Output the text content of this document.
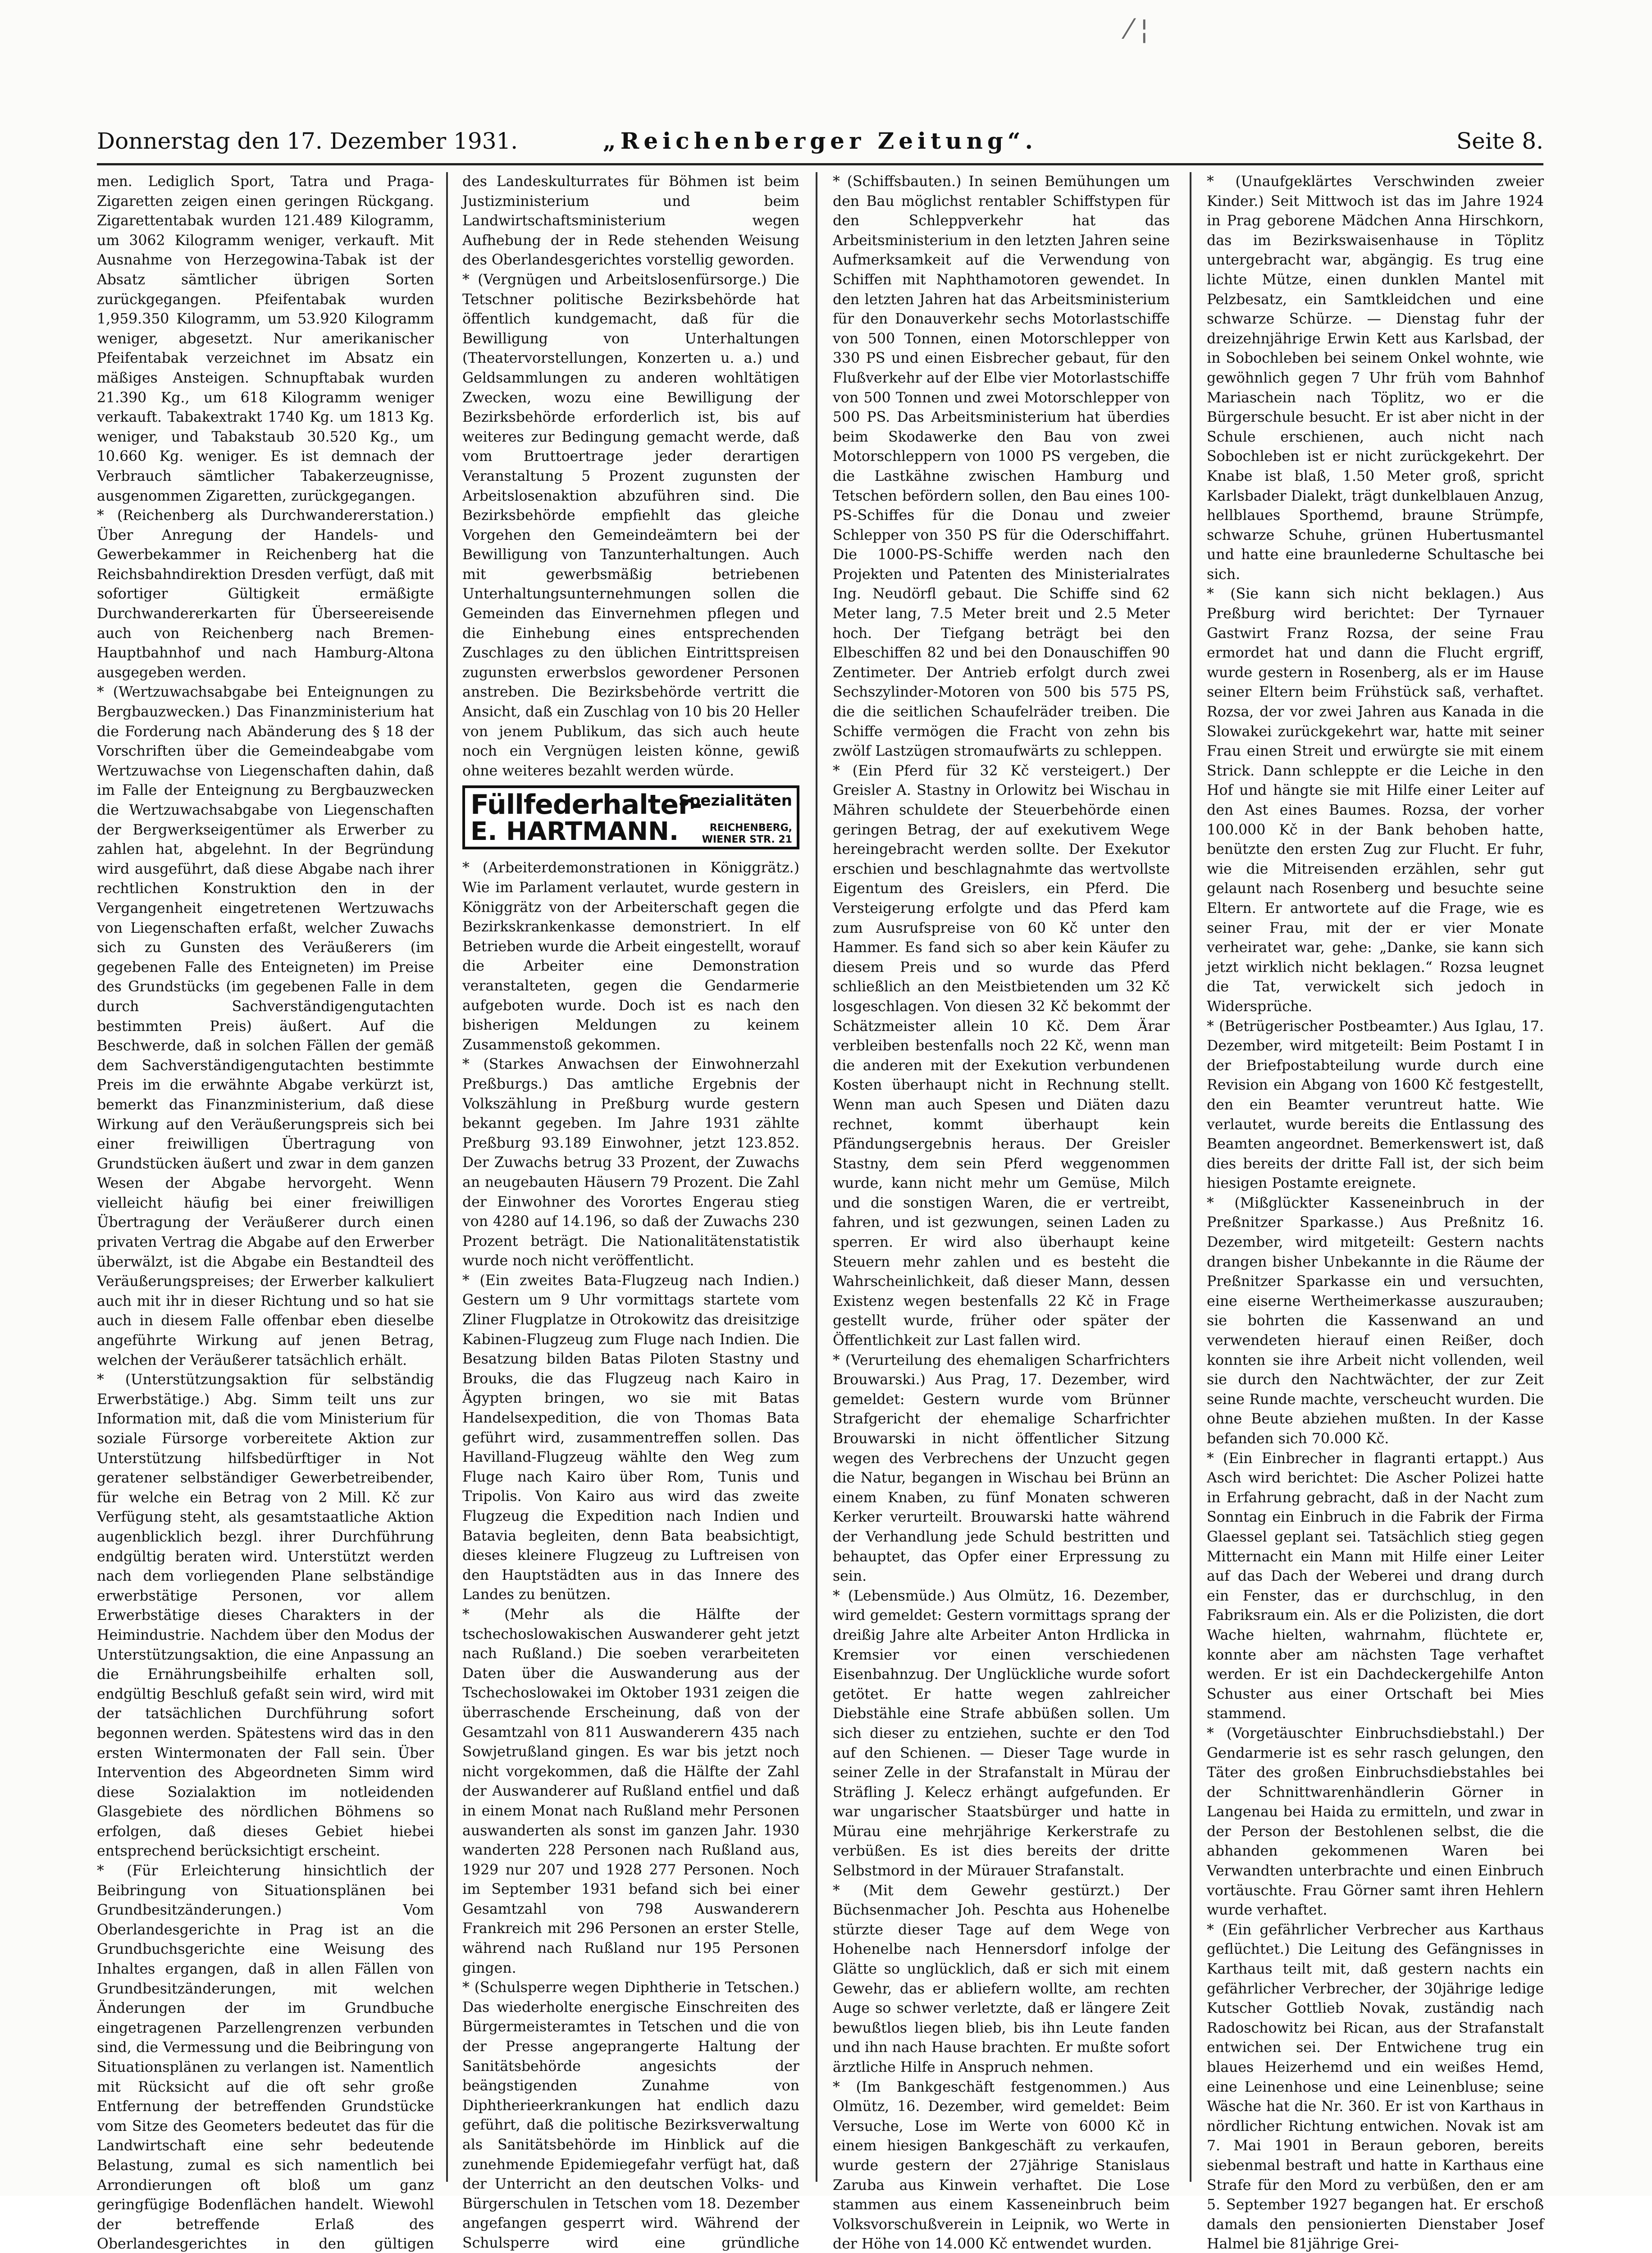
⁄ ¦
Donnerstag den 17. Dezember 1931.	„Reichenberger Zeitung“.	Seite 8.

men. Lediglich Sport, Tatra und Praga-Zigaretten zeigen einen geringen Rückgang. Zigarettentabak wurden 121.489 Kilogramm, um 3062 Kilogramm weniger, verkauft. Mit Ausnahme von Herzegowina-Tabak ist der Absatz sämtlicher übrigen Sorten zurückgegangen. Pfeifentabak wurden 1,959.350 Kilogramm, um 53.920 Kilogramm weniger, abgesetzt. Nur amerikanischer Pfeifentabak verzeichnet im Absatz ein mäßiges Ansteigen. Schnupftabak wurden 21.390 Kg., um 618 Kilogramm weniger verkauft. Tabakextrakt 1740 Kg. um 1813 Kg. weniger, und Tabakstaub 30.520 Kg., um 10.660 Kg. weniger. Es ist demnach der Verbrauch sämtlicher Tabakerzeugnisse, ausgenommen Zigaretten, zurückgegangen.

* (Reichenberg als Durchwandererstation.) Über Anregung der Handels- und Gewerbekammer in Reichenberg hat die Reichsbahndirektion Dresden verfügt, daß mit sofortiger Gültigkeit ermäßigte Durchwandererkarten für Überseereisende auch von Reichenberg nach Bremen-Hauptbahnhof und nach Hamburg-Altona ausgegeben werden.

* (Wertzuwachsabgabe bei Enteignungen zu Bergbauzwecken.) Das Finanzministerium hat die Forderung nach Abänderung des § 18 der Vorschriften über die Gemeindeabgabe vom Wertzuwachse von Liegenschaften dahin, daß im Falle der Enteignung zu Bergbauzwecken die Wertzuwachsabgabe von Liegenschaften der Bergwerkseigentümer als Erwerber zu zahlen hat, abgelehnt. In der Begründung wird ausgeführt, daß diese Abgabe nach ihrer rechtlichen Konstruktion den in der Vergangenheit eingetretenen Wertzuwachs von Liegenschaften erfaßt, welcher Zuwachs sich zu Gunsten des Veräußerers (im gegebenen Falle des Enteigneten) im Preise des Grundstücks (im gegebenen Falle in dem durch Sachverständigengutachten bestimmten Preis) äußert. Auf die Beschwerde, daß in solchen Fällen der gemäß dem Sachverständigengutachten bestimmte Preis im die erwähnte Abgabe verkürzt ist, bemerkt das Finanzministerium, daß diese Wirkung auf den Veräußerungspreis sich bei einer freiwilligen Übertragung von Grundstücken äußert und zwar in dem ganzen Wesen der Abgabe hervorgeht. Wenn vielleicht häufig bei einer freiwilligen Übertragung der Veräußerer durch einen privaten Vertrag die Abgabe auf den Erwerber überwälzt, ist die Abgabe ein Bestandteil des Veräußerungspreises; der Erwerber kalkuliert auch mit ihr in dieser Richtung und so hat sie auch in diesem Falle offenbar eben dieselbe angeführte Wirkung auf jenen Betrag, welchen der Veräußerer tatsächlich erhält.

* (Unterstützungsaktion für selbständig Erwerbstätige.) Abg. Simm teilt uns zur Information mit, daß die vom Ministerium für soziale Fürsorge vorbereitete Aktion zur Unterstützung hilfsbedürftiger in Not geratener selbständiger Gewerbetreibender, für welche ein Betrag von 2 Mill. Kč zur Verfügung steht, als gesamtstaatliche Aktion augenblicklich bezgl. ihrer Durchführung endgültig beraten wird. Unterstützt werden nach dem vorliegenden Plane selbständige erwerbstätige Personen, vor allem Erwerbstätige dieses Charakters in der Heimindustrie. Nachdem über den Modus der Unterstützungsaktion, die eine Anpassung an die Ernährungsbeihilfe erhalten soll, endgültig Beschluß gefaßt sein wird, wird mit der tatsächlichen Durchführung sofort begonnen werden. Spätestens wird das in den ersten Wintermonaten der Fall sein. Über Intervention des Abgeordneten Simm wird diese Sozialaktion im notleidenden Glasgebiete des nördlichen Böhmens so erfolgen, daß dieses Gebiet hiebei entsprechend berücksichtigt erscheint.

* (Für Erleichterung hinsichtlich der Beibringung von Situationsplänen bei Grundbesitzänderungen.) Vom Oberlandesgerichte in Prag ist an die Grundbuchsgerichte eine Weisung des Inhaltes ergangen, daß in allen Fällen von Grundbesitzänderungen, mit welchen Änderungen der im Grundbuche eingetragenen Parzellengrenzen verbunden sind, die Vermessung und die Beibringung von Situationsplänen zu verlangen ist. Namentlich mit Rücksicht auf die oft sehr große Entfernung der betreffenden Grundstücke vom Sitze des Geometers bedeutet das für die Landwirtschaft eine sehr bedeutende Belastung, zumal es sich namentlich bei Arrondierungen oft bloß um ganz geringfügige Bodenflächen handelt. Wiewohl der betreffende Erlaß des Oberlandesgerichtes in den gültigen

des Landeskulturrates für Böhmen ist beim Justizministerium und beim Landwirtschaftsministerium wegen Aufhebung der in Rede stehenden Weisung des Oberlandesgerichtes vorstellig geworden.

* (Vergnügen und Arbeitslosenfürsorge.) Die Tetschner politische Bezirksbehörde hat öffentlich kundgemacht, daß für die Bewilligung von Unterhaltungen (Theatervorstellungen, Konzerten u. a.) und Geldsammlungen zu anderen wohltätigen Zwecken, wozu eine Bewilligung der Bezirksbehörde erforderlich ist, bis auf weiteres zur Bedingung gemacht werde, daß vom Bruttoertrage jeder derartigen Veranstaltung 5 Prozent zugunsten der Arbeitslosenaktion abzuführen sind. Die Bezirksbehörde empfiehlt das gleiche Vorgehen den Gemeindeämtern bei der Bewilligung von Tanzunterhaltungen. Auch mit gewerbsmäßig betriebenen Unterhaltungsunternehmungen sollen die Gemeinden das Einvernehmen pflegen und die Einhebung eines entsprechenden Zuschlages zu den üblichen Eintrittspreisen zugunsten erwerbslos gewordener Personen anstreben. Die Bezirksbehörde vertritt die Ansicht, daß ein Zuschlag von 10 bis 20 Heller von jenem Publikum, das sich auch heute noch ein Vergnügen leisten könne, gewiß ohne weiteres bezahlt werden würde.

Füllfederhalter-
E. HARTMANN.
Spezialitäten
REICHENBERG,
WIENER STR. 21

* (Arbeiterdemonstrationen in Königgrätz.) Wie im Parlament verlautet, wurde gestern in Königgrätz von der Arbeiterschaft gegen die Bezirkskrankenkasse demonstriert. In elf Betrieben wurde die Arbeit eingestellt, worauf die Arbeiter eine Demonstration veranstalteten, gegen die Gendarmerie aufgeboten wurde. Doch ist es nach den bisherigen Meldungen zu keinem Zusammenstoß gekommen.

* (Starkes Anwachsen der Einwohnerzahl Preßburgs.) Das amtliche Ergebnis der Volkszählung in Preßburg wurde gestern bekannt gegeben. Im Jahre 1931 zählte Preßburg 93.189 Einwohner, jetzt 123.852. Der Zuwachs betrug 33 Prozent, der Zuwachs an neugebauten Häusern 79 Prozent. Die Zahl der Einwohner des Vorortes Engerau stieg von 4280 auf 14.196, so daß der Zuwachs 230 Prozent beträgt. Die Nationalitätenstatistik wurde noch nicht veröffentlicht.

* (Ein zweites Bata-Flugzeug nach Indien.) Gestern um 9 Uhr vormittags startete vom Zliner Flugplatze in Otrokowitz das dreisitzige Kabinen-Flugzeug zum Fluge nach Indien. Die Besatzung bilden Batas Piloten Stastny und Brouks, die das Flugzeug nach Kairo in Ägypten bringen, wo sie mit Batas Handelsexpedition, die von Thomas Bata geführt wird, zusammentreffen sollen. Das Havilland-Flugzeug wählte den Weg zum Fluge nach Kairo über Rom, Tunis und Tripolis. Von Kairo aus wird das zweite Flugzeug die Expedition nach Indien und Batavia begleiten, denn Bata beabsichtigt, dieses kleinere Flugzeug zu Luftreisen von den Hauptstädten aus in das Innere des Landes zu benützen.

* (Mehr als die Hälfte der tschechoslowakischen Auswanderer geht jetzt nach Rußland.) Die soeben verarbeiteten Daten über die Auswanderung aus der Tschechoslowakei im Oktober 1931 zeigen die überraschende Erscheinung, daß von der Gesamtzahl von 811 Auswanderern 435 nach Sowjetrußland gingen. Es war bis jetzt noch nicht vorgekommen, daß die Hälfte der Zahl der Auswanderer auf Rußland entfiel und daß in einem Monat nach Rußland mehr Personen auswanderten als sonst im ganzen Jahr. 1930 wanderten 228 Personen nach Rußland aus, 1929 nur 207 und 1928 277 Personen. Noch im September 1931 befand sich bei einer Gesamtzahl von 798 Auswanderern Frankreich mit 296 Personen an erster Stelle, während nach Rußland nur 195 Personen gingen.

* (Schulsperre wegen Diphtherie in Tetschen.) Das wiederholte energische Einschreiten des Bürgermeisteramtes in Tetschen und die von der Presse angeprangerte Haltung der Sanitätsbehörde angesichts der beängstigenden Zunahme von Diphtherieerkrankungen hat endlich dazu geführt, daß die politische Bezirksverwaltung als Sanitätsbehörde im Hinblick auf die zunehmende Epidemiegefahr verfügt hat, daß der Unterricht an den deutschen Volks- und Bürgerschulen in Tetschen vom 18. Dezember angefangen gesperrt wird. Während der Schulsperre wird eine gründliche

* (Schiffsbauten.) In seinen Bemühungen um den Bau möglichst rentabler Schiffstypen für den Schleppverkehr hat das Arbeitsministerium in den letzten Jahren seine Aufmerksamkeit auf die Verwendung von Schiffen mit Naphthamotoren gewendet. In den letzten Jahren hat das Arbeitsministerium für den Donauverkehr sechs Motorlastschiffe von 500 Tonnen, einen Motorschlepper von 330 PS und einen Eisbrecher gebaut, für den Flußverkehr auf der Elbe vier Motorlastschiffe von 500 Tonnen und zwei Motorschlepper von 500 PS. Das Arbeitsministerium hat überdies beim Skodawerke den Bau von zwei Motorschleppern von 1000 PS vergeben, die die Lastkähne zwischen Hamburg und Tetschen befördern sollen, den Bau eines 100-PS-Schiffes für die Donau und zweier Schlepper von 350 PS für die Oderschiffahrt. Die 1000-PS-Schiffe werden nach den Projekten und Patenten des Ministerialrates Ing. Neudörfl gebaut. Die Schiffe sind 62 Meter lang, 7.5 Meter breit und 2.5 Meter hoch. Der Tiefgang beträgt bei den Elbeschiffen 82 und bei den Donauschiffen 90 Zentimeter. Der Antrieb erfolgt durch zwei Sechszylinder-Motoren von 500 bis 575 PS, die die seitlichen Schaufelräder treiben. Die Schiffe vermögen die Fracht von zehn bis zwölf Lastzügen stromaufwärts zu schleppen.

* (Ein Pferd für 32 Kč versteigert.) Der Greisler A. Stastny in Orlowitz bei Wischau in Mähren schuldete der Steuerbehörde einen geringen Betrag, der auf exekutivem Wege hereingebracht werden sollte. Der Exekutor erschien und beschlagnahmte das wertvollste Eigentum des Greislers, ein Pferd. Die Versteigerung erfolgte und das Pferd kam zum Ausrufspreise von 60 Kč unter den Hammer. Es fand sich so aber kein Käufer zu diesem Preis und so wurde das Pferd schließlich an den Meistbietenden um 32 Kč losgeschlagen. Von diesen 32 Kč bekommt der Schätzmeister allein 10 Kč. Dem Ärar verbleiben bestenfalls noch 22 Kč, wenn man die anderen mit der Exekution verbundenen Kosten überhaupt nicht in Rechnung stellt. Wenn man auch Spesen und Diäten dazu rechnet, kommt überhaupt kein Pfändungsergebnis heraus. Der Greisler Stastny, dem sein Pferd weggenommen wurde, kann nicht mehr um Gemüse, Milch und die sonstigen Waren, die er vertreibt, fahren, und ist gezwungen, seinen Laden zu sperren. Er wird also überhaupt keine Steuern mehr zahlen und es besteht die Wahrscheinlichkeit, daß dieser Mann, dessen Existenz wegen bestenfalls 22 Kč in Frage gestellt wurde, früher oder später der Öffentlichkeit zur Last fallen wird.

* (Verurteilung des ehemaligen Scharfrichters Brouwarski.) Aus Prag, 17. Dezember, wird gemeldet: Gestern wurde vom Brünner Strafgericht der ehemalige Scharfrichter Brouwarski in nicht öffentlicher Sitzung wegen des Verbrechens der Unzucht gegen die Natur, begangen in Wischau bei Brünn an einem Knaben, zu fünf Monaten schweren Kerker verurteilt. Brouwarski hatte während der Verhandlung jede Schuld bestritten und behauptet, das Opfer einer Erpressung zu sein.

* (Lebensmüde.) Aus Olmütz, 16. Dezember, wird gemeldet: Gestern vormittags sprang der dreißig Jahre alte Arbeiter Anton Hrdlicka in Kremsier vor einen verschiedenen Eisenbahnzug. Der Unglückliche wurde sofort getötet. Er hatte wegen zahlreicher Diebstähle eine Strafe abbüßen sollen. Um sich dieser zu entziehen, suchte er den Tod auf den Schienen. — Dieser Tage wurde in seiner Zelle in der Strafanstalt in Mürau der Sträfling J. Kelecz erhängt aufgefunden. Er war ungarischer Staatsbürger und hatte in Mürau eine mehrjährige Kerkerstrafe zu verbüßen. Es ist dies bereits der dritte Selbstmord in der Mürauer Strafanstalt.

* (Mit dem Gewehr gestürzt.) Der Büchsenmacher Joh. Peschta aus Hohenelbe stürzte dieser Tage auf dem Wege von Hohenelbe nach Hennersdorf infolge der Glätte so unglücklich, daß er sich mit einem Gewehr, das er abliefern wollte, am rechten Auge so schwer verletzte, daß er längere Zeit bewußtlos liegen blieb, bis ihn Leute fanden und ihn nach Hause brachten. Er mußte sofort ärztliche Hilfe in Anspruch nehmen.

* (Im Bankgeschäft festgenommen.) Aus Olmütz, 16. Dezember, wird gemeldet: Beim Versuche, Lose im Werte von 6000 Kč in einem hiesigen Bankgeschäft zu verkaufen, wurde gestern der 27jährige Stanislaus Zaruba aus Kinwein verhaftet. Die Lose stammen aus einem Kasseneinbruch beim Volksvorschußverein in Leipnik, wo Werte in der Höhe von 14.000 Kč entwendet wurden.

* (Unaufgeklärtes Verschwinden zweier Kinder.) Seit Mittwoch ist das im Jahre 1924 in Prag geborene Mädchen Anna Hirschkorn, das im Bezirkswaisenhause in Töplitz untergebracht war, abgängig. Es trug eine lichte Mütze, einen dunklen Mantel mit Pelzbesatz, ein Samtkleidchen und eine schwarze Schürze. — Dienstag fuhr der dreizehnjährige Erwin Kett aus Karlsbad, der in Sobochleben bei seinem Onkel wohnte, wie gewöhnlich gegen 7 Uhr früh vom Bahnhof Mariaschein nach Töplitz, wo er die Bürgerschule besucht. Er ist aber nicht in der Schule erschienen, auch nicht nach Sobochleben ist er nicht zurückgekehrt. Der Knabe ist blaß, 1.50 Meter groß, spricht Karlsbader Dialekt, trägt dunkelblauen Anzug, hellblaues Sporthemd, braune Strümpfe, schwarze Schuhe, grünen Hubertusmantel und hatte eine braunlederne Schultasche bei sich.

* (Sie kann sich nicht beklagen.) Aus Preßburg wird berichtet: Der Tyrnauer Gastwirt Franz Rozsa, der seine Frau ermordet hat und dann die Flucht ergriff, wurde gestern in Rosenberg, als er im Hause seiner Eltern beim Frühstück saß, verhaftet. Rozsa, der vor zwei Jahren aus Kanada in die Slowakei zurückgekehrt war, hatte mit seiner Frau einen Streit und erwürgte sie mit einem Strick. Dann schleppte er die Leiche in den Hof und hängte sie mit Hilfe einer Leiter auf den Ast eines Baumes. Rozsa, der vorher 100.000 Kč in der Bank behoben hatte, benützte den ersten Zug zur Flucht. Er fuhr, wie die Mitreisenden erzählen, sehr gut gelaunt nach Rosenberg und besuchte seine Eltern. Er antwortete auf die Frage, wie es seiner Frau, mit der er vier Monate verheiratet war, gehe: „Danke, sie kann sich jetzt wirklich nicht beklagen.“ Rozsa leugnet die Tat, verwickelt sich jedoch in Widersprüche.

* (Betrügerischer Postbeamter.) Aus Iglau, 17. Dezember, wird mitgeteilt: Beim Postamt I in der Briefpostabteilung wurde durch eine Revision ein Abgang von 1600 Kč festgestellt, den ein Beamter veruntreut hatte. Wie verlautet, wurde bereits die Entlassung des Beamten angeordnet. Bemerkenswert ist, daß dies bereits der dritte Fall ist, der sich beim hiesigen Postamte ereignete.

* (Mißglückter Kasseneinbruch in der Preßnitzer Sparkasse.) Aus Preßnitz 16. Dezember, wird mitgeteilt: Gestern nachts drangen bisher Unbekannte in die Räume der Preßnitzer Sparkasse ein und versuchten, eine eiserne Wertheimerkasse auszurauben; sie bohrten die Kassenwand an und verwendeten hierauf einen Reißer, doch konnten sie ihre Arbeit nicht vollenden, weil sie durch den Nachtwächter, der zur Zeit seine Runde machte, verscheucht wurden. Die ohne Beute abziehen mußten. In der Kasse befanden sich 70.000 Kč.

* (Ein Einbrecher in flagranti ertappt.) Aus Asch wird berichtet: Die Ascher Polizei hatte in Erfahrung gebracht, daß in der Nacht zum Sonntag ein Einbruch in die Fabrik der Firma Glaessel geplant sei. Tatsächlich stieg gegen Mitternacht ein Mann mit Hilfe einer Leiter auf das Dach der Weberei und drang durch ein Fenster, das er durchschlug, in den Fabriksraum ein. Als er die Polizisten, die dort Wache hielten, wahrnahm, flüchtete er, konnte aber am nächsten Tage verhaftet werden. Er ist ein Dachdeckergehilfe Anton Schuster aus einer Ortschaft bei Mies stammend.

* (Vorgetäuschter Einbruchsdiebstahl.) Der Gendarmerie ist es sehr rasch gelungen, den Täter des großen Einbruchsdiebstahles bei der Schnittwarenhändlerin Görner in Langenau bei Haida zu ermitteln, und zwar in der Person der Bestohlenen selbst, die die abhanden gekommenen Waren bei Verwandten unterbrachte und einen Einbruch vortäuschte. Frau Görner samt ihren Hehlern wurde verhaftet.

* (Ein gefährlicher Verbrecher aus Karthaus geflüchtet.) Die Leitung des Gefängnisses in Karthaus teilt mit, daß gestern nachts ein gefährlicher Verbrecher, der 30jährige ledige Kutscher Gottlieb Novak, zuständig nach Radoschowitz bei Rican, aus der Strafanstalt entwichen sei. Der Entwichene trug ein blaues Heizerhemd und ein weißes Hemd, eine Leinenhose und eine Leinenbluse; seine Wäsche hat die Nr. 360. Er ist von Karthaus in nördlicher Richtung entwichen. Novak ist am 7. Mai 1901 in Beraun geboren, bereits siebenmal bestraft und hatte in Karthaus eine Strafe für den Mord zu verbüßen, den er am 5. September 1927 begangen hat. Er erschoß damals den pensionierten Dienstaber Josef Halmel bie 81jährige Grei-
